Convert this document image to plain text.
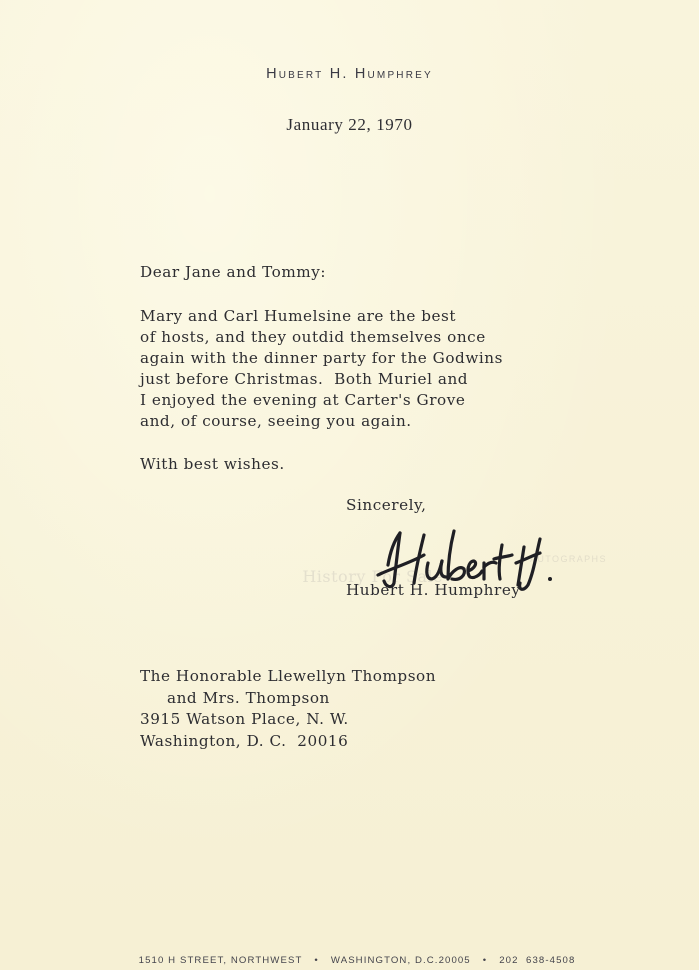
Hubert H. Humphrey
January 22, 1970
Dear Jane and Tommy:
Mary and Carl Humelsine are the best
of hosts, and they outdid themselves once
again with the dinner party for the Godwins
just before Christmas.  Both Muriel and
I enjoyed the evening at Carter's Grove
and, of course, seeing you again.
With best wishes.
Sincerely,

History For Sale

AUTOGRAPHS

Hubert H. Humphrey
The Honorable Llewellyn Thompson
and Mrs. Thompson
3915 Watson Place, N. W.
Washington, D. C.  20016

1510 H STREET, NORTHWEST • WASHINGTON, D.C.20005 • 202  638-4508
